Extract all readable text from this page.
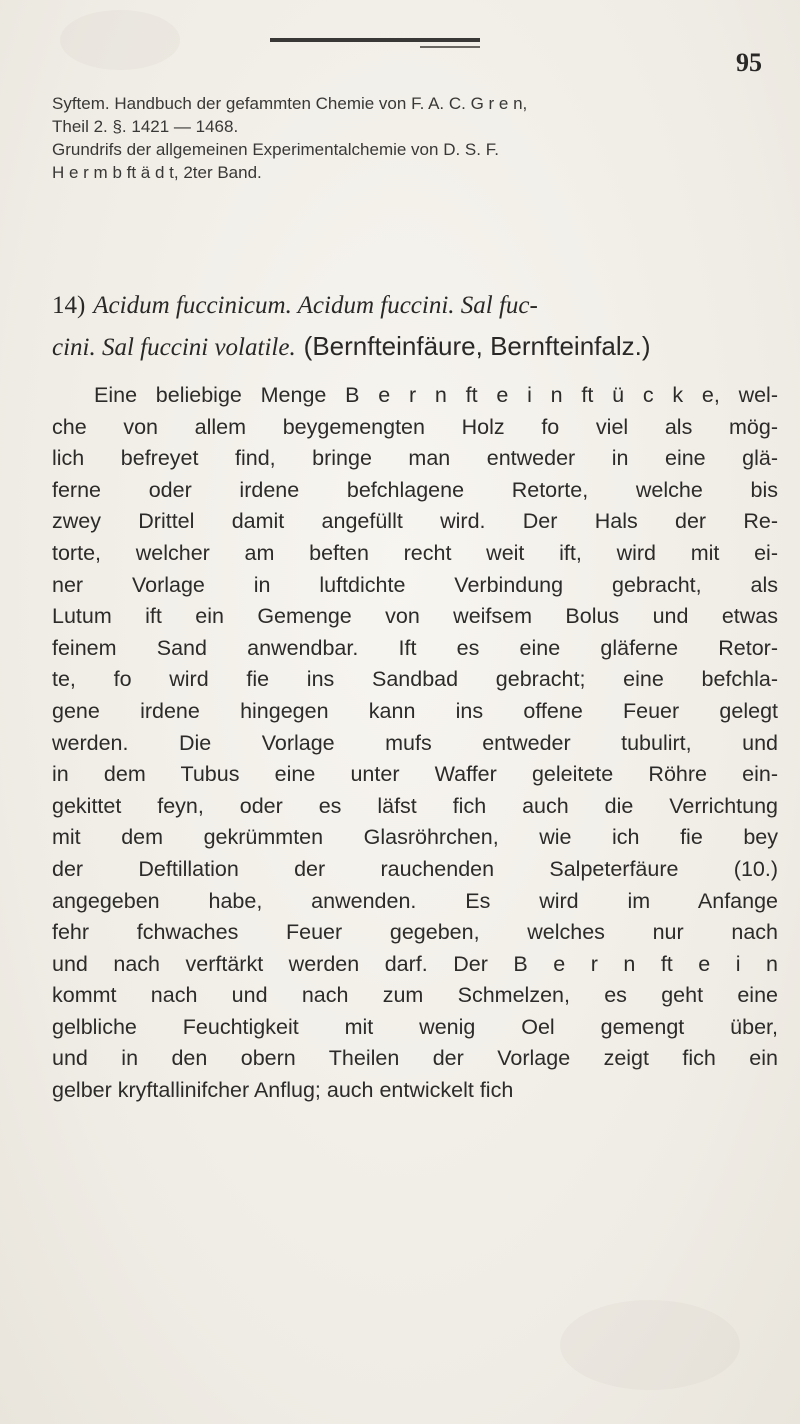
95
Syftem. Handbuch der gefammten Chemie von F. A. C. G r e n,
Theil 2. §. 1421 — 1468.
Grundrifs der allgemeinen Experimentalchemie von D. S. F.
H e r m b ft ä d t, 2ter Band.
14) Acidum fuccinicum. Acidum fuccini. Sal fuc-
cini. Sal fuccini volatile. (Bernfteinfäure, Bernfteinfalz.)
Eine beliebige Menge B e r n ft e i n ft ü c k e, wel-
che von allem beygemengten Holz fo viel als mög-
lich befreyet find, bringe man entweder in eine glä-
ferne oder irdene befchlagene Retorte, welche bis
zwey Drittel damit angefüllt wird. Der Hals der Re-
torte, welcher am beften recht weit ift, wird mit ei-
ner Vorlage in luftdichte Verbindung gebracht, als
Lutum ift ein Gemenge von weifsem Bolus und etwas
feinem Sand anwendbar. Ift es eine gläferne Retor-
te, fo wird fie ins Sandbad gebracht; eine befchla-
gene irdene hingegen kann ins offene Feuer gelegt
werden. Die Vorlage mufs entweder tubulirt, und
in dem Tubus eine unter Waffer geleitete Röhre ein-
gekittet feyn, oder es läfst fich auch die Verrichtung
mit dem gekrümmten Glasröhrchen, wie ich fie bey
der Deftillation der rauchenden Salpeterfäure (10.)
angegeben habe, anwenden. Es wird im Anfange
fehr fchwaches Feuer gegeben, welches nur nach
und nach verftärkt werden darf. Der B e r n ft e i n
kommt nach und nach zum Schmelzen, es geht eine
gelbliche Feuchtigkeit mit wenig Oel gemengt über,
und in den obern Theilen der Vorlage zeigt fich ein
gelber kryftallinifcher Anflug; auch entwickelt fich
